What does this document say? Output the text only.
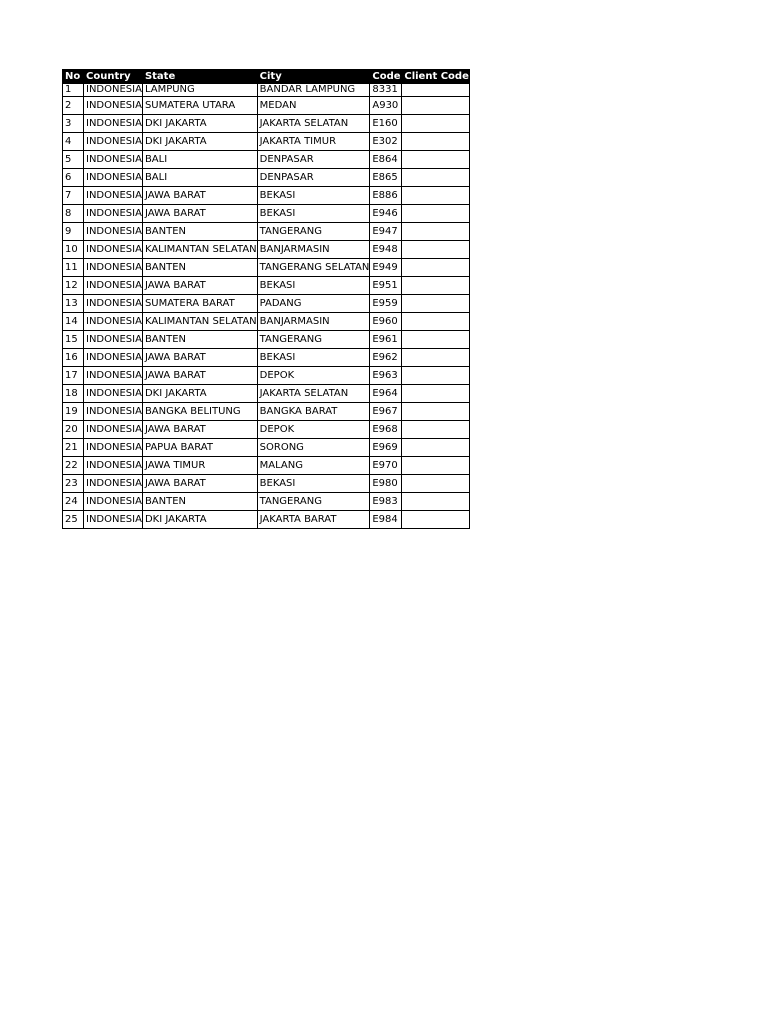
No	Country	State	City	Code	Client Code
1	INDONESIA	LAMPUNG	BANDAR LAMPUNG	8331	
2	INDONESIA	SUMATERA UTARA	MEDAN	A930	
3	INDONESIA	DKI JAKARTA	JAKARTA SELATAN	E160	
4	INDONESIA	DKI JAKARTA	JAKARTA TIMUR	E302	
5	INDONESIA	BALI	DENPASAR	E864	
6	INDONESIA	BALI	DENPASAR	E865	
7	INDONESIA	JAWA BARAT	BEKASI	E886	
8	INDONESIA	JAWA BARAT	BEKASI	E946	
9	INDONESIA	BANTEN	TANGERANG	E947	
10	INDONESIA	KALIMANTAN SELATAN	BANJARMASIN	E948	
11	INDONESIA	BANTEN	TANGERANG SELATAN	E949	
12	INDONESIA	JAWA BARAT	BEKASI	E951	
13	INDONESIA	SUMATERA BARAT	PADANG	E959	
14	INDONESIA	KALIMANTAN SELATAN	BANJARMASIN	E960	
15	INDONESIA	BANTEN	TANGERANG	E961	
16	INDONESIA	JAWA BARAT	BEKASI	E962	
17	INDONESIA	JAWA BARAT	DEPOK	E963	
18	INDONESIA	DKI JAKARTA	JAKARTA SELATAN	E964	
19	INDONESIA	BANGKA BELITUNG	BANGKA BARAT	E967	
20	INDONESIA	JAWA BARAT	DEPOK	E968	
21	INDONESIA	PAPUA BARAT	SORONG	E969	
22	INDONESIA	JAWA TIMUR	MALANG	E970	
23	INDONESIA	JAWA BARAT	BEKASI	E980	
24	INDONESIA	BANTEN	TANGERANG	E983	
25	INDONESIA	DKI JAKARTA	JAKARTA BARAT	E984	
